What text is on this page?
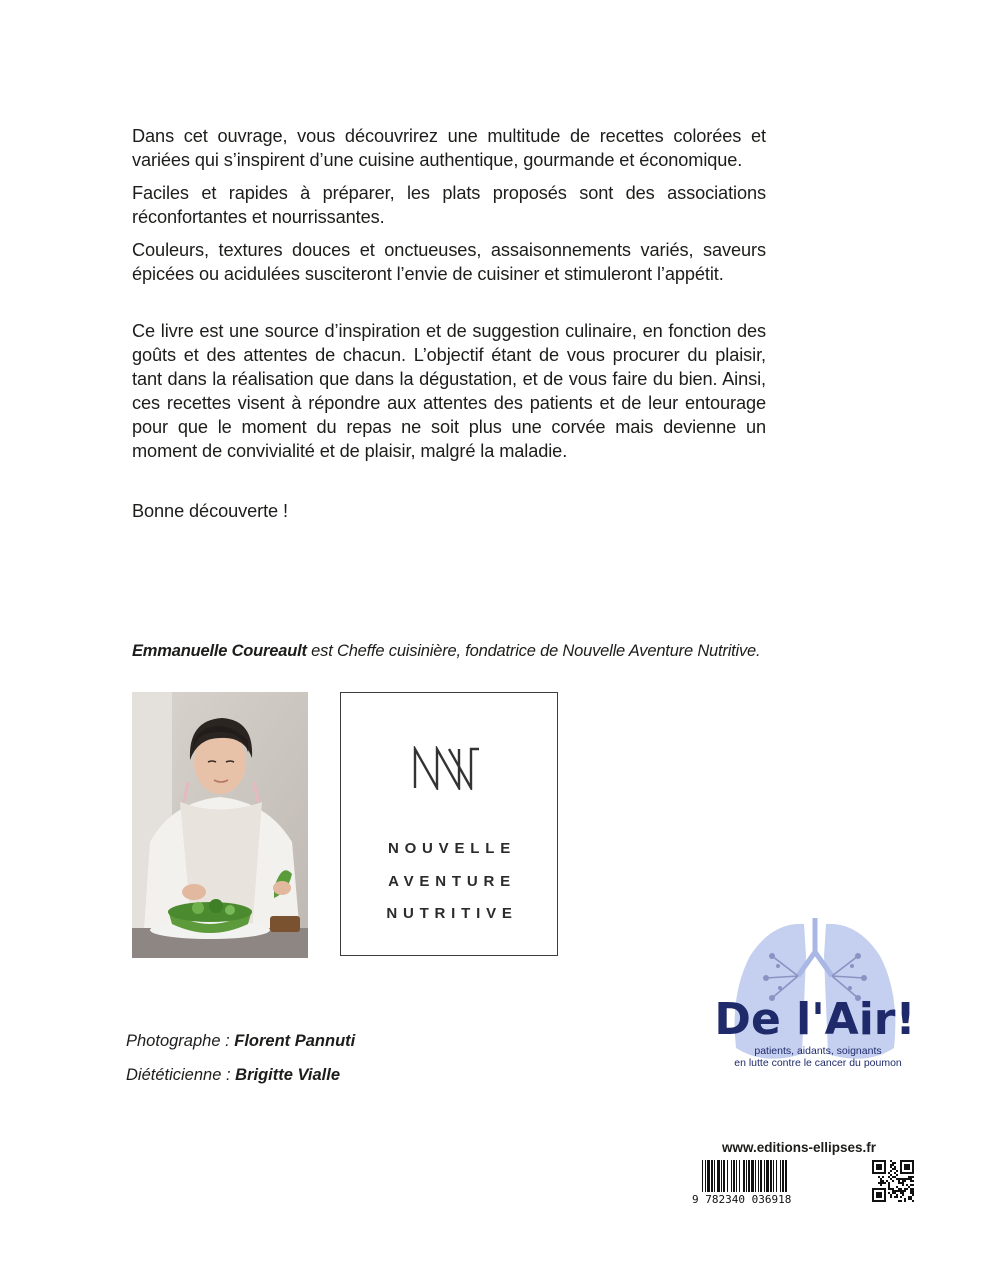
Dans cet ouvrage, vous découvrirez une multitude de recettes colorées et variées qui s’inspirent d’une cuisine authentique, gourmande et économique.

Faciles et rapides à préparer, les plats proposés sont des associations réconfortantes et nourrissantes.

Couleurs, textures douces et onctueuses, assaisonnements variés, saveurs épicées ou acidulées susciteront l’envie de cuisiner et stimuleront l’appétit.

Ce livre est une source d’inspiration et de suggestion culinaire, en fonction des goûts et des attentes de chacun. L’objectif étant de vous procurer du plaisir, tant dans la réalisation que dans la dégustation, et de vous faire du bien. Ainsi, ces recettes visent à répondre aux attentes des patients et de leur entourage pour que le moment du repas ne soit plus une corvée mais devienne un moment de convivialité et de plaisir, malgré la maladie.

Bonne découverte !

Emmanuelle Coureault est Cheffe cuisinière, fondatrice de Nouvelle Aventure Nutritive.
NOUVELLE
AVENTURE
NUTRITIVE
Photographe : Florent Pannuti
Diététicienne : Brigitte Vialle
De l'Air!
patients, aidants, soignants
en lutte contre le cancer du poumon
www.editions-ellipses.fr
9 782340 036918
